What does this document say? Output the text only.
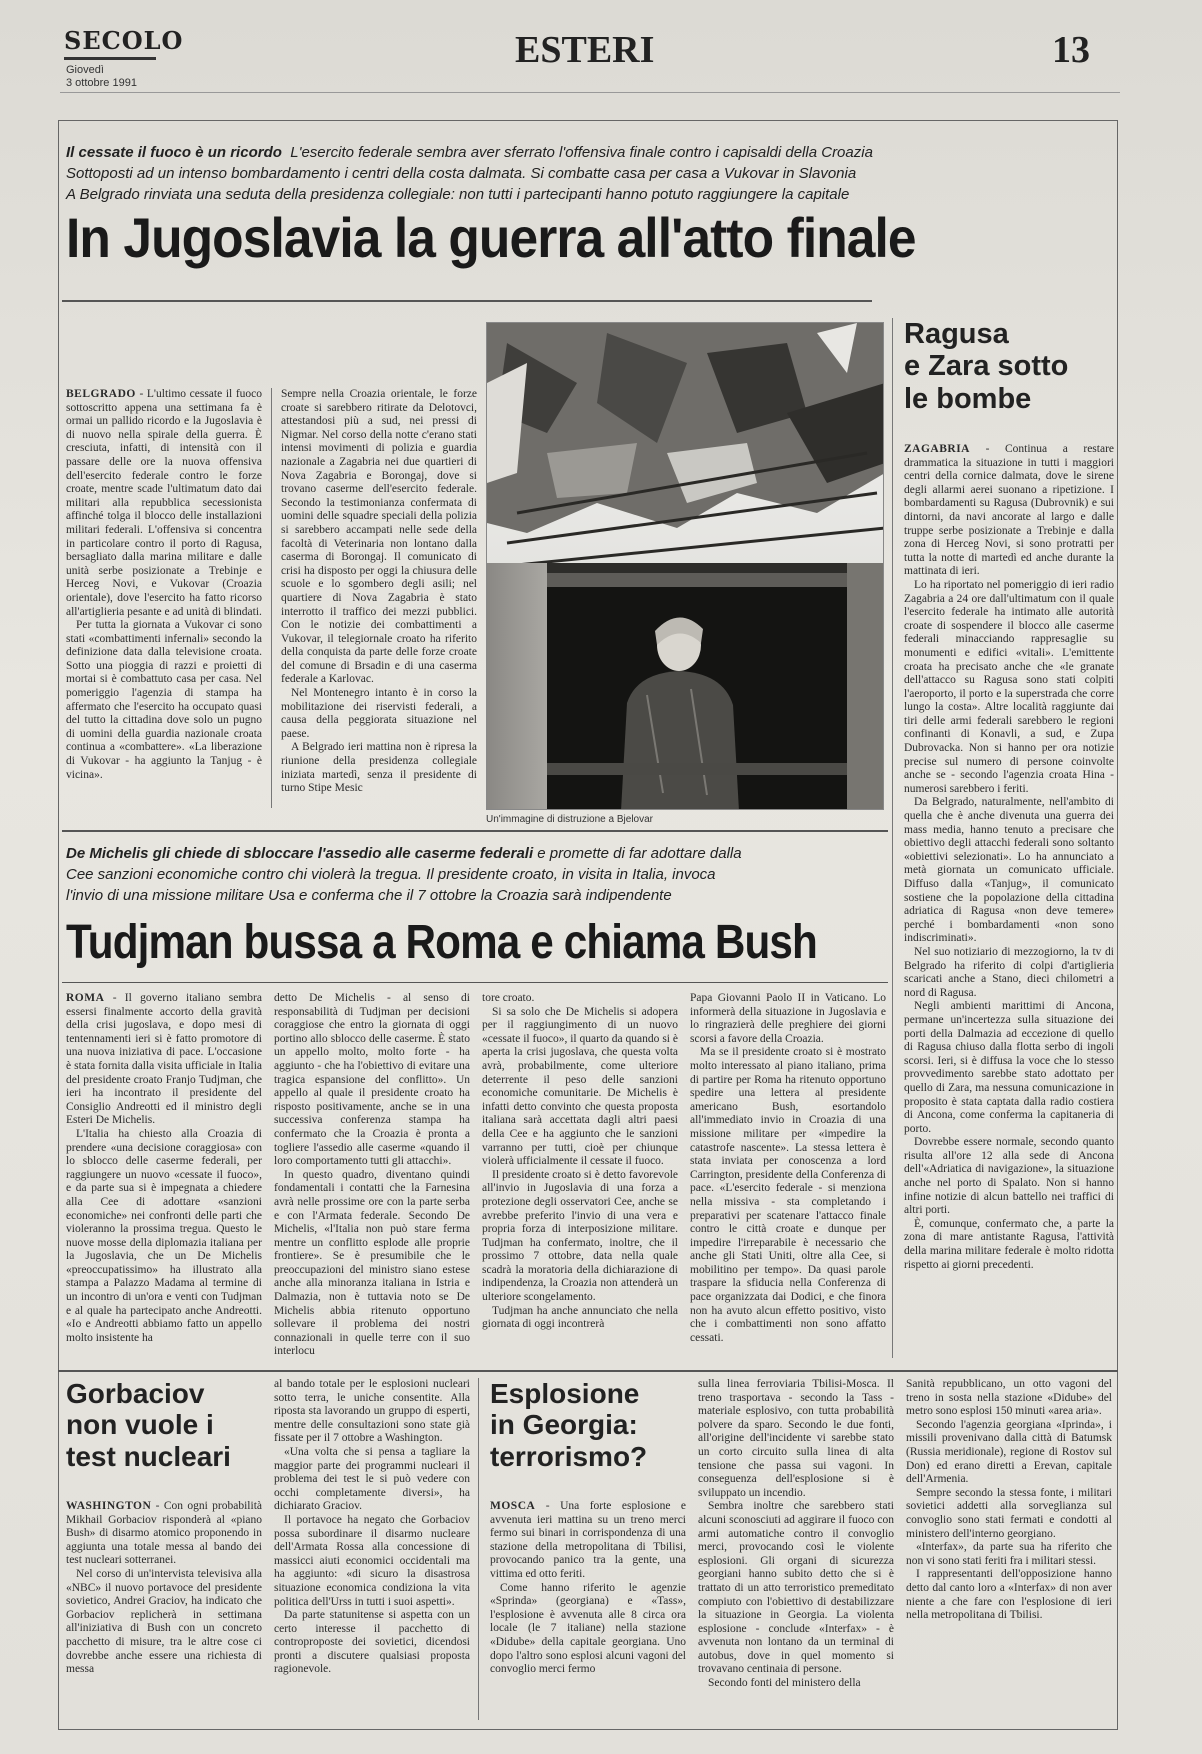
SECOLO
Giovedì
3 ottobre 1991
ESTERI	13
Il cessate il fuoco è un ricordo L'esercito federale sembra aver sferrato l'offensiva finale contro i capisaldi della Croazia
Sottoposti ad un intenso bombardamento i centri della costa dalmata. Si combatte casa per casa a Vukovar in Slavonia
A Belgrado rinviata una seduta della presidenza collegiale: non tutti i partecipanti hanno potuto raggiungere la capitale
In Jugoslavia la guerra all'atto finale

BELGRADO - L'ultimo cessate il fuoco sottoscritto appena una settimana fa è ormai un pallido ricordo e la Jugoslavia è di nuovo nella spirale della guerra. È cresciuta, infatti, di intensità con il passare delle ore la nuova offensiva dell'esercito federale contro le forze croate, mentre scade l'ultimatum dato dai militari alla repubblica secessionista affinché tolga il blocco delle installazioni militari federali. L'offensiva si concentra in particolare contro il porto di Ragusa, bersagliato dalla marina militare e dalle unità serbe posizionate a Trebinje e Herceg Novi, e Vukovar (Croazia orientale), dove l'esercito ha fatto ricorso all'artiglieria pesante e ad unità di blindati.

Per tutta la giornata a Vukovar ci sono stati «combattimenti infernali» secondo la definizione data dalla televisione croata. Sotto una pioggia di razzi e proietti di mortai si è combattuto casa per casa. Nel pomeriggio l'agenzia di stampa ha affermato che l'esercito ha occupato quasi del tutto la cittadina dove solo un pugno di uomini della guardia nazionale croata continua a «combattere». «La liberazione di Vukovar - ha aggiunto la Tanjug - è vicina».

Sempre nella Croazia orientale, le forze croate si sarebbero ritirate da Delotovci, attestandosi più a sud, nei pressi di Nigmar. Nel corso della notte c'erano stati intensi movimenti di polizia e guardia nazionale a Zagabria nei due quartieri di Nova Zagabria e Borongaj, dove si trovano caserme dell'esercito federale. Secondo la testimonianza confermata di uomini delle squadre speciali della polizia si sarebbero accampati nelle sede della facoltà di Veterinaria non lontano dalla caserma di Borongaj. Il comunicato di crisi ha disposto per oggi la chiusura delle scuole e lo sgombero degli asili; nel quartiere di Nova Zagabria è stato interrotto il traffico dei mezzi pubblici. Con le notizie dei combattimenti a Vukovar, il telegiornale croato ha riferito della conquista da parte delle forze croate del comune di Brsadin e di una caserma federale a Karlovac.

Nel Montenegro intanto è in corso la mobilitazione dei riservisti federali, a causa della peggiorata situazione nel paese.

A Belgrado ieri mattina non è ripresa la riunione della presidenza collegiale iniziata martedì, senza il presidente di turno Stipe Mesic

Un'immagine di distruzione a Bjelovar
Ragusa
e Zara sotto
le bombe

ZAGABRIA - Continua a restare drammatica la situazione in tutti i maggiori centri della cornice dalmata, dove le sirene degli allarmi aerei suonano a ripetizione. I bombardamenti su Ragusa (Dubrovnik) e sui dintorni, da navi ancorate al largo e dalle truppe serbe posizionate a Trebinje e dalla zona di Herceg Novi, si sono protratti per tutta la notte di martedì ed anche durante la mattinata di ieri.

Lo ha riportato nel pomeriggio di ieri radio Zagabria a 24 ore dall'ultimatum con il quale l'esercito federale ha intimato alle autorità croate di sospendere il blocco alle caserme federali minacciando rappresaglie su monumenti e edifici «vitali». L'emittente croata ha precisato anche che «le granate dell'attacco su Ragusa sono stati colpiti l'aeroporto, il porto e la superstrada che corre lungo la costa». Altre località raggiunte dai tiri delle armi federali sarebbero le regioni confinanti di Konavli, a sud, e Zupa Dubrovacka. Non si hanno per ora notizie precise sul numero di persone coinvolte anche se - secondo l'agenzia croata Hina - numerosi sarebbero i feriti.

Da Belgrado, naturalmente, nell'ambito di quella che è anche divenuta una guerra dei mass media, hanno tenuto a precisare che obiettivo degli attacchi federali sono soltanto «obiettivi selezionati». Lo ha annunciato a metà giornata un comunicato ufficiale. Diffuso dalla «Tanjug», il comunicato sostiene che la popolazione della cittadina adriatica di Ragusa «non deve temere» perché i bombardamenti «non sono indiscriminati».

Nel suo notiziario di mezzogiorno, la tv di Belgrado ha riferito di colpi d'artiglieria scaricati anche a Stano, dieci chilometri a nord di Ragusa.

Negli ambienti marittimi di Ancona, permane un'incertezza sulla situazione dei porti della Dalmazia ad eccezione di quello di Ragusa chiuso dalla flotta serbo di ingoli scorsi. Ieri, si è diffusa la voce che lo stesso provvedimento sarebbe stato adottato per quello di Zara, ma nessuna comunicazione in proposito è stata captata dalla radio costiera di Ancona, come conferma la capitaneria di porto.

Dovrebbe essere normale, secondo quanto risulta all'ore 12 alla sede di Ancona dell'«Adriatica di navigazione», la situazione anche nel porto di Spalato. Non si hanno infine notizie di alcun battello nei traffici di altri porti.

È, comunque, confermato che, a parte la zona di mare antistante Ragusa, l'attività della marina militare federale è molto ridotta rispetto ai giorni precedenti.

De Michelis gli chiede di sbloccare l'assedio alle caserme federali e promette di far adottare dalla
Cee sanzioni economiche contro chi violerà la tregua. Il presidente croato, in visita in Italia, invoca
l'invio di una missione militare Usa e conferma che il 7 ottobre la Croazia sarà indipendente
Tudjman bussa a Roma e chiama Bush

ROMA - Il governo italiano sembra essersi finalmente accorto della gravità della crisi jugoslava, e dopo mesi di tentennamenti ieri si è fatto promotore di una nuova iniziativa di pace. L'occasione è stata fornita dalla visita ufficiale in Italia del presidente croato Franjo Tudjman, che ieri ha incontrato il presidente del Consiglio Andreotti ed il ministro degli Esteri De Michelis.

L'Italia ha chiesto alla Croazia di prendere «una decisione coraggiosa» con lo sblocco delle caserme federali, per raggiungere un nuovo «cessate il fuoco», e da parte sua si è impegnata a chiedere alla Cee di adottare «sanzioni economiche» nei confronti delle parti che violeranno la prossima tregua. Questo le nuove mosse della diplomazia italiana per la Jugoslavia, che un De Michelis «preoccupatissimo» ha illustrato alla stampa a Palazzo Madama al termine di un incontro di un'ora e venti con Tudjman e al quale ha partecipato anche Andreotti. «Io e Andreotti abbiamo fatto un appello molto insistente ha

detto De Michelis - al senso di responsabilità di Tudjman per decisioni coraggiose che entro la giornata di oggi portino allo sblocco delle caserme. È stato un appello molto, molto forte - ha aggiunto - che ha l'obiettivo di evitare una tragica espansione del conflitto». Un appello al quale il presidente croato ha risposto positivamente, anche se in una successiva conferenza stampa ha confermato che la Croazia è pronta a togliere l'assedio alle caserme «quando il loro comportamento tutti gli attacchi».

In questo quadro, diventano quindi fondamentali i contatti che la Farnesina avrà nelle prossime ore con la parte serba e con l'Armata federale. Secondo De Michelis, «l'Italia non può stare ferma mentre un conflitto esplode alle proprie frontiere». Se è presumibile che le preoccupazioni del ministro siano estese anche alla minoranza italiana in Istria e Dalmazia, non è tuttavia noto se De Michelis abbia ritenuto opportuno sollevare il problema dei nostri connazionali in quelle terre con il suo interlocu

tore croato.

Si sa solo che De Michelis si adopera per il raggiungimento di un nuovo «cessate il fuoco», il quarto da quando si è aperta la crisi jugoslava, che questa volta avrà, probabilmente, come ulteriore deterrente il peso delle sanzioni economiche comunitarie. De Michelis è infatti detto convinto che questa proposta italiana sarà accettata dagli altri paesi della Cee e ha aggiunto che le sanzioni varranno per tutti, cioè per chiunque violerà ufficialmente il cessate il fuoco.

Il presidente croato si è detto favorevole all'invio in Jugoslavia di una forza a protezione degli osservatori Cee, anche se avrebbe preferito l'invio di una vera e propria forza di interposizione militare. Tudjman ha confermato, inoltre, che il prossimo 7 ottobre, data nella quale scadrà la moratoria della dichiarazione di indipendenza, la Croazia non attenderà un ulteriore scongelamento.

Tudjman ha anche annunciato che nella giornata di oggi incontrerà

Papa Giovanni Paolo II in Vaticano. Lo informerà della situazione in Jugoslavia e lo ringrazierà delle preghiere dei giorni scorsi a favore della Croazia.

Ma se il presidente croato si è mostrato molto interessato al piano italiano, prima di partire per Roma ha ritenuto opportuno spedire una lettera al presidente americano Bush, esortandolo all'immediato invio in Croazia di una missione militare per «impedire la catastrofe nascente». La stessa lettera è stata inviata per conoscenza a lord Carrington, presidente della Conferenza di pace. «L'esercito federale - si menziona nella missiva - sta completando i preparativi per scatenare l'attacco finale contro le città croate e dunque per impedire l'irreparabile è necessario che anche gli Stati Uniti, oltre alla Cee, si mobilitino per tempo». Da quasi parole traspare la sfiducia nella Conferenza di pace organizzata dai Dodici, e che finora non ha avuto alcun effetto positivo, visto che i combattimenti non sono affatto cessati.

Gorbaciov
non vuole i
test nucleari

WASHINGTON - Con ogni probabilità Mikhail Gorbaciov risponderà al «piano Bush» di disarmo atomico proponendo in aggiunta una totale messa al bando dei test nucleari sotterranei.

Nel corso di un'intervista televisiva alla «NBC» il nuovo portavoce del presidente sovietico, Andrei Graciov, ha indicato che Gorbaciov replicherà in settimana all'iniziativa di Bush con un concreto pacchetto di misure, tra le altre cose ci dovrebbe anche essere una richiesta di messa

al bando totale per le esplosioni nucleari sotto terra, le uniche consentite. Alla riposta sta lavorando un gruppo di esperti, mentre delle consultazioni sono state già fissate per il 7 ottobre a Washington.

«Una volta che si pensa a tagliare la maggior parte dei programmi nucleari il problema dei test le si può vedere con occhi completamente diversi», ha dichiarato Graciov.

Il portavoce ha negato che Gorbaciov possa subordinare il disarmo nucleare dell'Armata Rossa alla concessione di massicci aiuti economici occidentali ma ha aggiunto: «di sicuro la disastrosa situazione economica condiziona la vita politica dell'Urss in tutti i suoi aspetti».

Da parte statunitense si aspetta con un certo interesse il pacchetto di controproposte dei sovietici, dicendosi pronti a discutere qualsiasi proposta ragionevole.

Esplosione
in Georgia:
terrorismo?

MOSCA - Una forte esplosione e avvenuta ieri mattina su un treno merci fermo sui binari in corrispondenza di una stazione della metropolitana di Tbilisi, provocando panico tra la gente, una vittima ed otto feriti.

Come hanno riferito le agenzie «Sprinda» (georgiana) e «Tass», l'esplosione è avvenuta alle 8 circa ora locale (le 7 italiane) nella stazione «Didube» della capitale georgiana. Uno dopo l'altro sono esplosi alcuni vagoni del convoglio merci fermo

sulla linea ferroviaria Tbilisi-Mosca. Il treno trasportava - secondo la Tass - materiale esplosivo, con tutta probabilità polvere da sparo. Secondo le due fonti, all'origine dell'incidente vi sarebbe stato un corto circuito sulla linea di alta tensione che passa sui vagoni. In conseguenza dell'esplosione si è sviluppato un incendio.

Sembra inoltre che sarebbero stati alcuni sconosciuti ad aggirare il fuoco con armi automatiche contro il convoglio merci, provocando così le violente esplosioni. Gli organi di sicurezza georgiani hanno subito detto che si è trattato di un atto terroristico premeditato compiuto con l'obiettivo di destabilizzare la situazione in Georgia. La violenta esplosione - conclude «Interfax» - è avvenuta non lontano da un terminal di autobus, dove in quel momento si trovavano centinaia di persone.

Secondo fonti del ministero della

Sanità repubblicano, un otto vagoni del treno in sosta nella stazione «Didube» del metro sono esplosi 150 minuti «area aria».

Secondo l'agenzia georgiana «Iprinda», i missili provenivano dalla città di Batumsk (Russia meridionale), regione di Rostov sul Don) ed erano diretti a Erevan, capitale dell'Armenia.

Sempre secondo la stessa fonte, i militari sovietici addetti alla sorveglianza sul convoglio sono stati fermati e condotti al ministero dell'interno georgiano.

«Interfax», da parte sua ha riferito che non vi sono stati feriti fra i militari stessi.

I rappresentanti dell'opposizione hanno detto dal canto loro a «Interfax» di non aver niente a che fare con l'esplosione di ieri nella metropolitana di Tbilisi.
